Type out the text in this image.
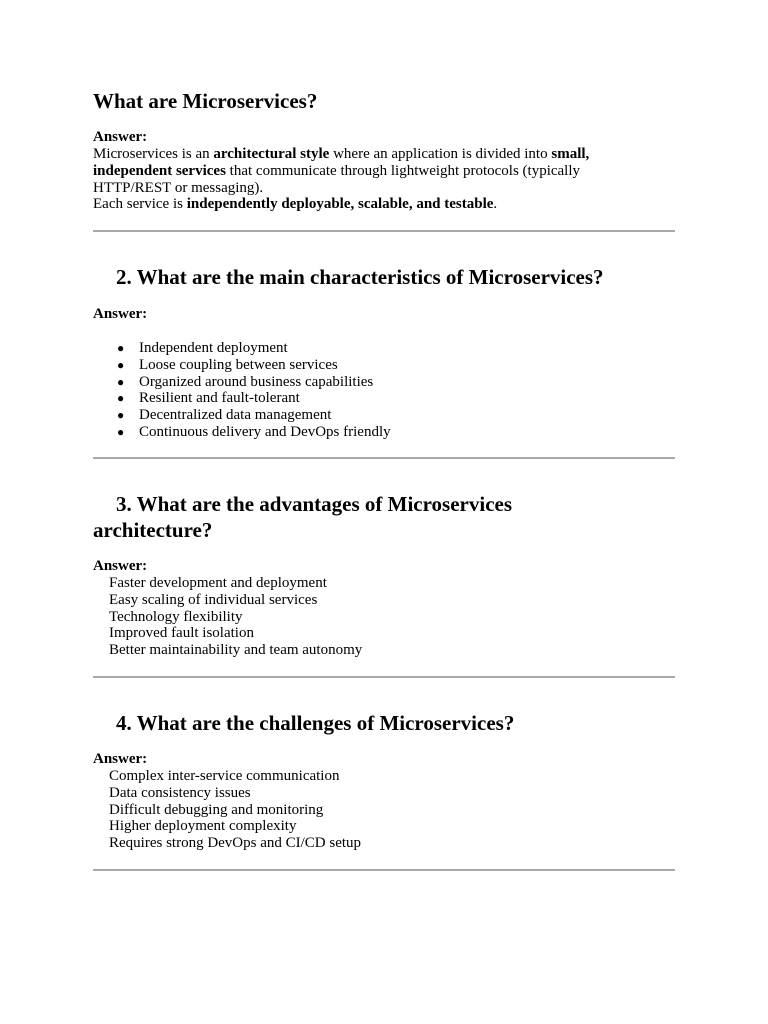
What are Microservices?
Answer:
Microservices is an architectural style where an application is divided into small,
independent services that communicate through lightweight protocols (typically
HTTP/REST or messaging).
Each service is independently deployable, scalable, and testable.
2. What are the main characteristics of Microservices?
Answer:
● Independent deployment
● Loose coupling between services
● Organized around business capabilities
● Resilient and fault-tolerant
● Decentralized data management
● Continuous delivery and DevOps friendly
3. What are the advantages of Microservices
architecture?
Answer:
Faster development and deployment
Easy scaling of individual services
Technology flexibility
Improved fault isolation
Better maintainability and team autonomy
4. What are the challenges of Microservices?
Answer:
Complex inter-service communication
Data consistency issues
Difficult debugging and monitoring
Higher deployment complexity
Requires strong DevOps and CI/CD setup
